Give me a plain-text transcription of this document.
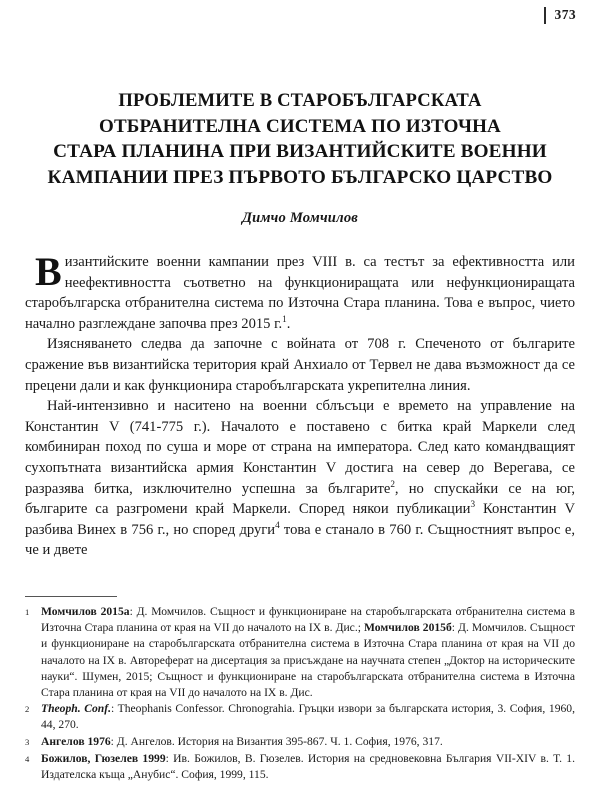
373
ПРОБЛЕМИТЕ В СТАРОБЪЛГАРСКАТА
ОТБРАНИТЕЛНА СИСТЕМА ПО ИЗТОЧНА
СТАРА ПЛАНИНА ПРИ ВИЗАНТИЙСКИТЕ ВОЕННИ
КАМПАНИИ ПРЕЗ ПЪРВОТО БЪЛГАРСКО ЦАРСТВО

Димчо Момчилов

Византийските военни кампании през VIII в. са тестът за ефективността или неефективността съответно на функциониращата или нефункциониращата старобългарска отбранителна система по Източна Стара планина. Това е въпрос, чието начално разглеждане започва през 2015 г.$^1$.

Изясняването следва да започне с войната от 708 г. Спеченото от българите сражение във византийска територия край Анхиало от Тервел не дава възможност да се прецени дали и как функционира старобългарската укрепителна линия.

Най-интензивно и наситено на военни сблъсъци е времето на управление на Константин V (741-775 г.). Началото е поставено с битка край Маркели след комбиниран поход по суша и море от страна на императора. След като командващият сухопътната византийска армия Константин V достига на север до Верегава, се разразява битка, изключително успешна за българите$^2$, но спускайки се на юг, българите са разгромени край Маркели. Според някои публикации$^3$ Константин V разбива Винех в 756 г., но според други$^4$ това е станало в 760 г. Същностният въпрос е, че и двете

1	Момчилов 2015а: Д. Момчилов. Същност и функциониране на старобългарската отбранителна система в Източна Стара планина от края на VII до началото на IX в. Дис.; Момчилов 2015б: Д. Момчилов. Същност и функциониране на старобългарската отбранителна система в Източна Стара планина от края на VII до началото на IX в. Автореферат на дисертация за присъждане на научната степен „Доктор на историческите науки“. Шумен, 2015; Същност и функциониране на старобългарската отбранителна система в Източна Стара планина от края на VII до началото на IX в. Дис.
2	Theoph. Conf.: Theophanis Confessor. Chronograhia. Гръцки извори за българската история, 3. София, 1960, 44, 270.
3	Ангелов 1976: Д. Ангелов. История на Византия 395-867. Ч. 1. София, 1976, 317.
4	Божилов, Гюзелев 1999: Ив. Божилов, В. Гюзелев. История на средновековна България VII-XIV в. Т. 1. Издателска къща „Анубис“. София, 1999, 115.
